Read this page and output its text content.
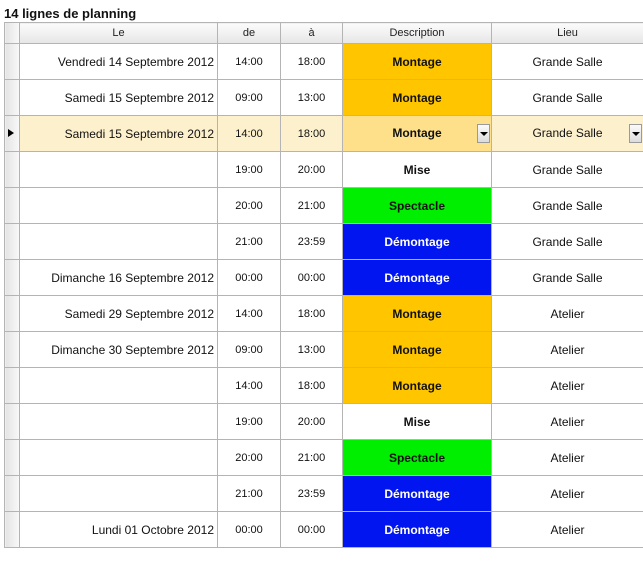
14 lignes de planning
	Le	de	à	Description	Lieu
	Vendredi 14 Septembre 2012	14:00	18:00	Montage	Grande Salle
	Samedi 15 Septembre 2012	09:00	13:00	Montage	Grande Salle

	Samedi 15 Septembre 2012	14:00	18:00	Montage	Grande Salle

		19:00	20:00	Mise	Grande Salle
		20:00	21:00	Spectacle	Grande Salle
		21:00	23:59	Démontage	Grande Salle
	Dimanche 16 Septembre 2012	00:00	00:00	Démontage	Grande Salle
	Samedi 29 Septembre 2012	14:00	18:00	Montage	Atelier
	Dimanche 30 Septembre 2012	09:00	13:00	Montage	Atelier
		14:00	18:00	Montage	Atelier
		19:00	20:00	Mise	Atelier
		20:00	21:00	Spectacle	Atelier
		21:00	23:59	Démontage	Atelier
	Lundi 01 Octobre 2012	00:00	00:00	Démontage	Atelier
